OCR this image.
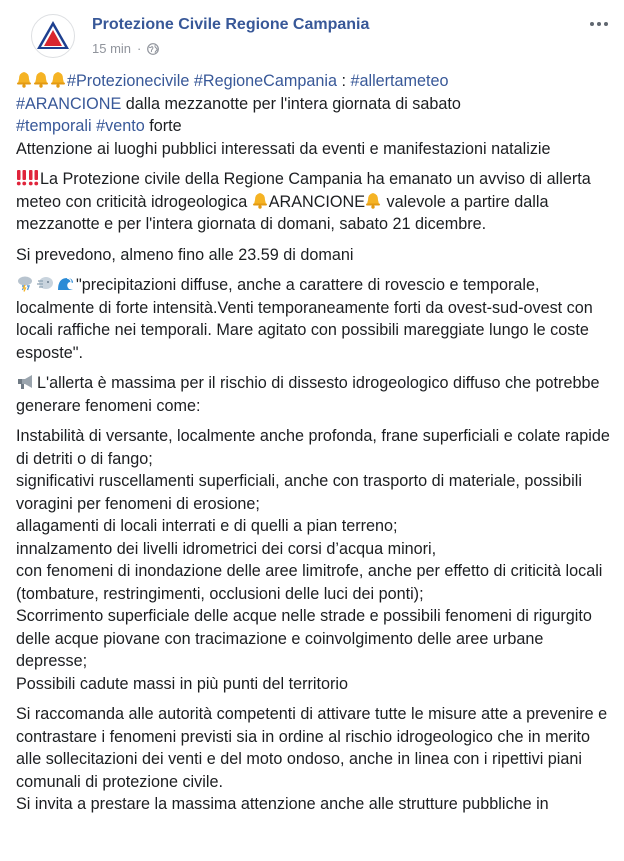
Protezione Civile Regione Campania
15 min ·
#Protezionecivile #RegioneCampania : #allertameteo
#ARANCIONE dalla mezzanotte per l'intera giornata di sabato
#temporali #vento forte
Attenzione ai luoghi pubblici interessati da eventi e manifestazioni natalizie
La Protezione civile della Regione Campania ha emanato un avviso di allerta meteo con criticità idrogeologica ARANCIONE valevole a partire dalla mezzanotte e per l'intera giornata di domani, sabato 21 dicembre.
Si prevedono, almeno fino alle 23.59 di domani
"precipitazioni diffuse, anche a carattere di rovescio e temporale, localmente di forte intensità.Venti temporaneamente forti da ovest-sud-ovest con locali raffiche nei temporali. Mare agitato con possibili mareggiate lungo le coste esposte".
L'allerta è massima per il rischio di dissesto idrogeologico diffuso che potrebbe generare fenomeni come:
Instabilità di versante, localmente anche profonda, frane superficiali e colate rapide di detriti o di fango;
significativi ruscellamenti superficiali, anche con trasporto di materiale, possibili voragini per fenomeni di erosione;
allagamenti di locali interrati e di quelli a pian terreno;
innalzamento dei livelli idrometrici dei corsi d’acqua minori,
con fenomeni di inondazione delle aree limitrofe, anche per effetto di criticità locali (tombature, restringimenti, occlusioni delle luci dei ponti);
Scorrimento superficiale delle acque nelle strade e possibili fenomeni di rigurgito delle acque piovane con tracimazione e coinvolgimento delle aree urbane depresse;
Possibili cadute massi in più punti del territorio
Si raccomanda alle autorità competenti di attivare tutte le misure atte a prevenire e contrastare i fenomeni previsti sia in ordine al rischio idrogeologico che in merito alle sollecitazioni dei venti e del moto ondoso, anche in linea con i ripettivi piani comunali di protezione civile.
Si invita a prestare la massima attenzione anche alle strutture pubbliche in
